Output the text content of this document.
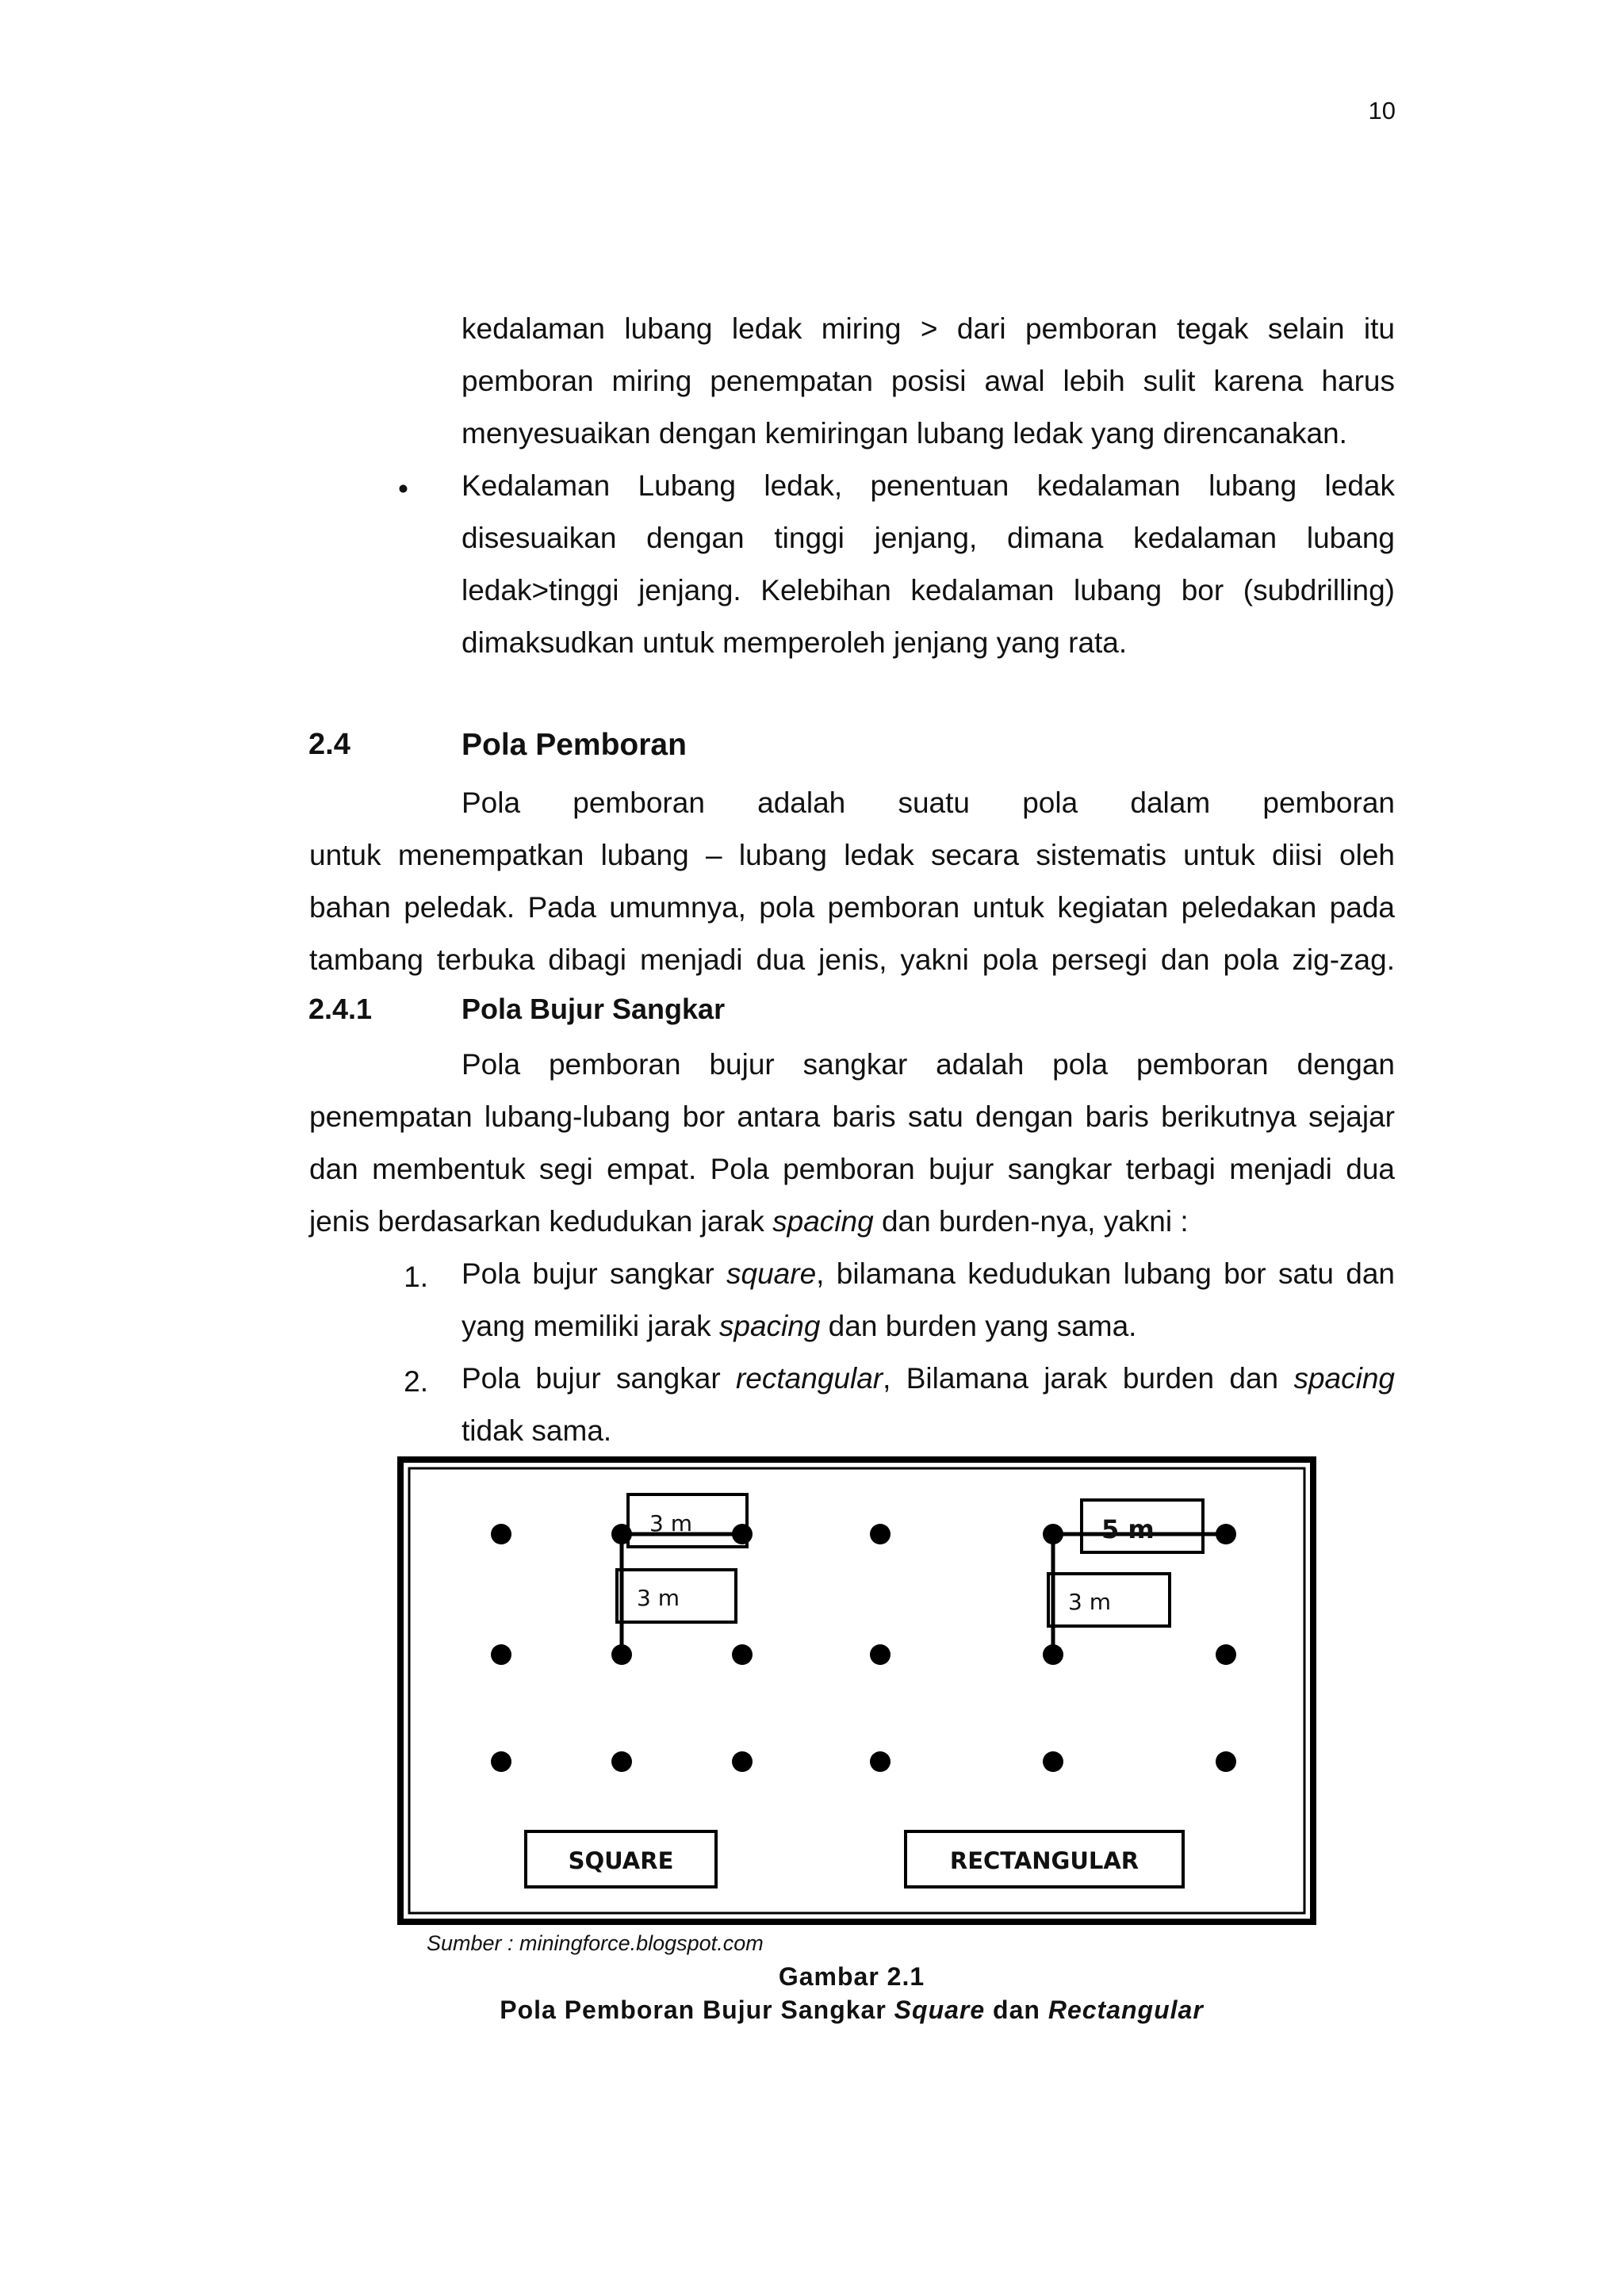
10

kedalaman lubang ledak miring > dari pemboran tegak selain itu

pemboran miring penempatan posisi awal lebih sulit karena harus

menyesuaikan dengan kemiringan lubang ledak yang direncanakan.

• Kedalaman Lubang ledak, penentuan kedalaman lubang ledak

disesuaikan dengan tinggi jenjang, dimana kedalaman lubang

ledak>tinggi jenjang. Kelebihan kedalaman lubang bor (subdrilling)

dimaksudkan untuk memperoleh jenjang yang rata.

2.4	Pola Pemboran

Pola pemboran adalah suatu pola dalam pemboran

untuk menempatkan lubang – lubang ledak secara sistematis untuk diisi oleh

bahan peledak. Pada umumnya, pola pemboran untuk kegiatan peledakan pada

tambang terbuka dibagi menjadi dua jenis, yakni pola persegi dan pola zig-zag.

2.4.1	Pola Bujur Sangkar

Pola pemboran bujur sangkar adalah pola pemboran dengan

penempatan lubang-lubang bor antara baris satu dengan baris berikutnya sejajar

dan membentuk segi empat. Pola pemboran bujur sangkar terbagi menjadi dua

jenis berdasarkan kedudukan jarak spacing dan burden-nya, yakni :

1. Pola bujur sangkar square, bilamana kedudukan lubang bor satu dan

yang memiliki jarak spacing dan burden yang sama.

2. Pola bujur sangkar rectangular, Bilamana jarak burden dan spacing

tidak sama.

3 m
3 m
SQUARE
5 m
3 m
RECTANGULAR
Sumber : miningforce.blogspot.com
Gambar 2.1
Pola Pemboran Bujur Sangkar Square dan Rectangular
